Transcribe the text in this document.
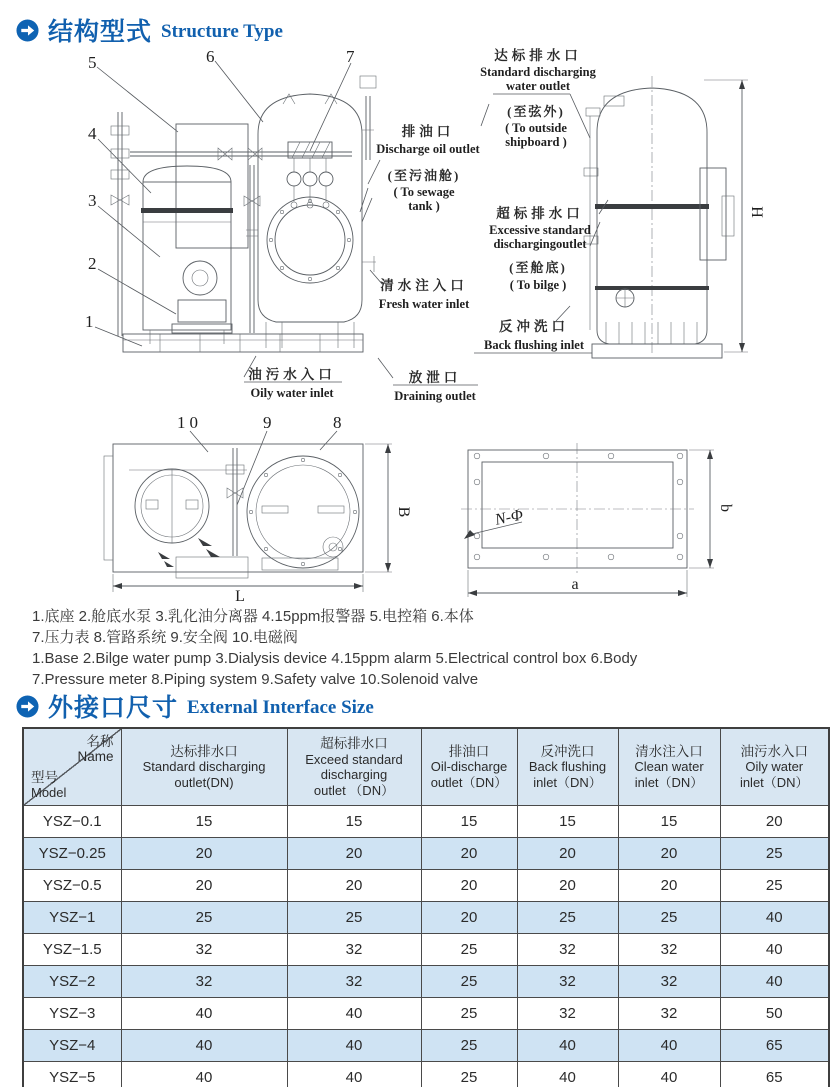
结构型式 Structure Type
5	6	7
4
3
2
1
排油口
Discharge oil outlet
(至污油舱)
( To sewage
tank )
清水注入口
Fresh water inlet
油污水入口
Oily water inlet
放泄口
Draining outlet
H
达标排水口
Standard discharging
water outlet
(至弦外)
( To outside
shipboard )
超标排水口
Excessive standard
dischargingoutlet
(至舱底)
( To bilge )
反冲洗口
Back flushing inlet
10	9	8
L
B	N-Φ
a
b
1.底座 2.舱底水泵 3.乳化油分离器 4.15ppm报警器 5.电控箱 6.本体
7.压力表 8.管路系统 9.安全阀 10.电磁阀
1.Base 2.Bilge water pump 3.Dialysis device 4.15ppm alarm 5.Electrical control box 6.Body
7.Pressure meter 8.Piping system 9.Safety valve 10.Solenoid valve
外接口尺寸 External Interface Size
名称
Name
型号
Model

达标排水口
Standard discharging
outlet(DN)

超标排水口
Exceed standard
discharging
outlet （DN）

排油口
Oil-discharge
outlet（DN）

反冲洗口
Back flushing
inlet（DN）

清水注入口
Clean water
inlet（DN）

油污水入口
Oily water
inlet（DN）

YSZ−0.1	15	15	15	15	15	20
YSZ−0.25	20	20	20	20	20	25
YSZ−0.5	20	20	20	20	20	25
YSZ−1	25	25	20	25	25	40
YSZ−1.5	32	32	25	32	32	40
YSZ−2	32	32	25	32	32	40
YSZ−3	40	40	25	32	32	50
YSZ−4	40	40	25	40	40	65
YSZ−5	40	40	25	40	40	65
